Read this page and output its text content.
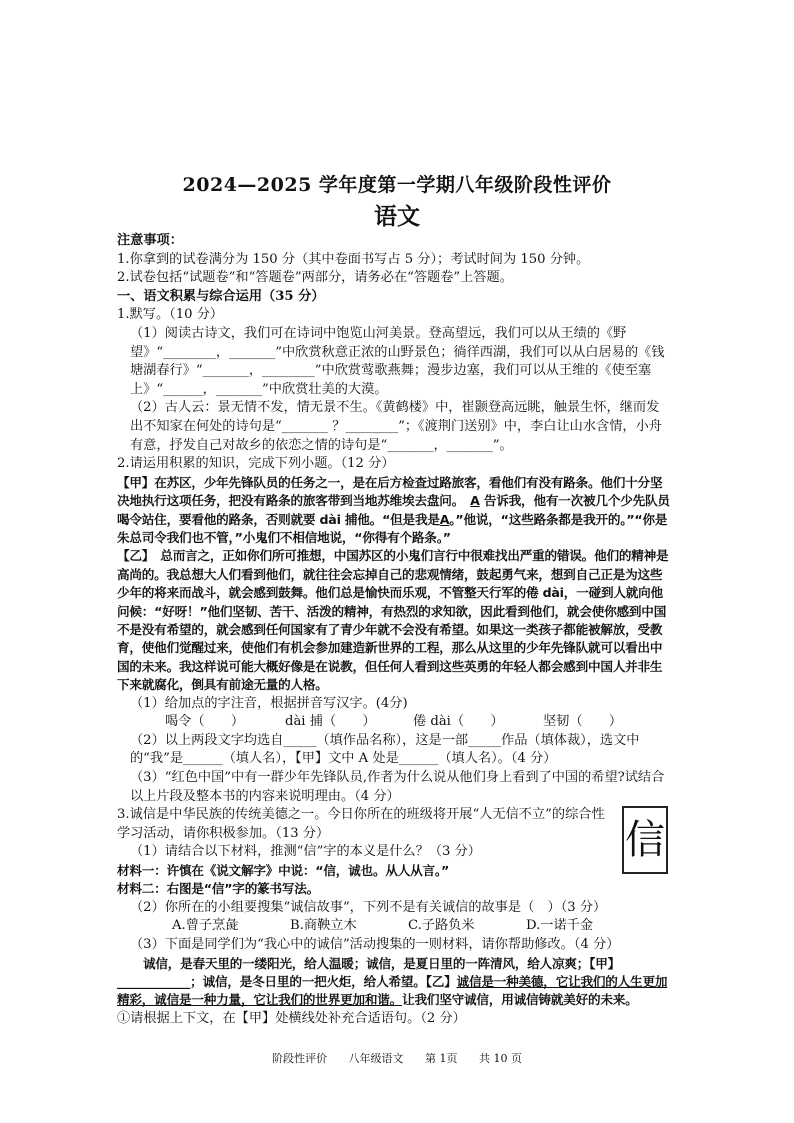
2024—2025 学年度第一学期八年级阶段性评价
语文

注意事项：

1.你拿到的试卷满分为 150 分（其中卷面书写占 5 分）；考试时间为 150 分钟。

2.试卷包括“试题卷”和“答题卷”两部分，请务必在“答题卷”上答题。

一、语文积累与综合运用（35 分）

1.默写。（10 分）

（1）阅读古诗文，我们可在诗词中饱览山河美景。登高望远，我们可以从王绩的《野望》“________，_______”中欣赏秋意正浓的山野景色；徜徉西湖，我们可以从白居易的《钱塘湖春行》“_______，________”中欣赏莺歌燕舞；漫步边塞，我们可以从王维的《使至塞上》“______，_______”中欣赏壮美的大漠。

（2）古人云：景无情不发，情无景不生。《黄鹤楼》中，崔颢登高远眺，触景生怀，继而发出不知家在何处的诗句是“_______ ？________”；《渡荆门送别》中，李白让山水含情，小舟有意，抒发自己对故乡的依恋之情的诗句是“_______，_______”。

2.请运用积累的知识，完成下列小题。（12 分）

【甲】在苏区，少年先锋队员的任务之一，是在后方检查过路旅客，看他们有没有路条。他们十分坚决地执行这项任务，把没有路条的旅客带到当地苏维埃去盘问。　 A 告诉我，他有一次被几个少先队员喝令站住，要看他的路条，否则就要 dài 捕他。“但是我是A。”他说，“这些路条都是我开的。”“你是朱总司令我们也不管，”小鬼们不相信地说，“你得有个路条。”

【乙】　 总而言之，正如你们所可推想，中国苏区的小鬼们言行中很难找出严重的错误。他们的精神是高尚的。我总想大人们看到他们，就往往会忘掉自己的悲观情绪，鼓起勇气来，想到自己正是为这些少年的将来而战斗，就会感到鼓舞。他们总是愉快而乐观，不管整天行军的倦 dài，一碰到人就向他问候：“好呀！”他们坚韧、苦干、活泼的精神，有热烈的求知欲，因此看到他们，就会使你感到中国不是没有希望的，就会感到任何国家有了青少年就不会没有希望。如果这一类孩子都能被解放，受教育，使他们觉醒过来，使他们有机会参加建造新世界的工程，那么从这里的少年先锋队就可以看出中国的未来。我这样说可能大概好像是在说教，但任何人看到这些英勇的年轻人都会感到中国人并非生下来就腐化，倒具有前途无量的人格。

（1）给加点的字注音，根据拼音写汉字。(4分)

喝令（　　）	dài 捕（　　）	倦 dài（　　）	坚韧（　　）

（2）以上两段文字均选自_____（填作品名称），这是一部_____作品（填体裁），选文中的“我”是______（填人名），【甲】文中 A 处是______（填人名）。（4 分）

（3）“红色中国”中有一群少年先锋队员,作者为什么说从他们身上看到了中国的希望?试结合以上片段及整本书的内容来说明理由。（4 分）

3.诚信是中华民族的传统美德之一。今日你所在的班级将开展“人无信不立”的综合性学习活动，请你积极参加。（13 分）

（1）请结合以下材料，推测“信”字的本义是什么？（3 分）

材料一：许慎在《说文解字》中说：“信，诚也。从人从言。”

材料二：右图是“信”字的篆书写法。

（2）你所在的小组要搜集“诚信故事”，下列不是有关诚信的故事是（　）（3 分）

A.曾子烹彘	B.商鞅立木	C.子路负米	D.一诺千金

（3）下面是同学们为“我心中的诚信”活动搜集的一则材料，请你帮助修改。（4 分）

诚信，是春天里的一缕阳光，给人温暖；诚信，是夏日里的一阵清风，给人凉爽；【甲】____________；诚信，是冬日里的一把火炬，给人希望。【乙】诚信是一种美德，它让我们的人生更加精彩，诚信是一种力量，它让我们的世界更加和谐。让我们坚守诚信，用诚信铸就美好的未来。

①请根据上下文，在【甲】处横线处补充合适语句。（2 分）

信
阶段性评价 八年级语文 第 1页 共 10 页
